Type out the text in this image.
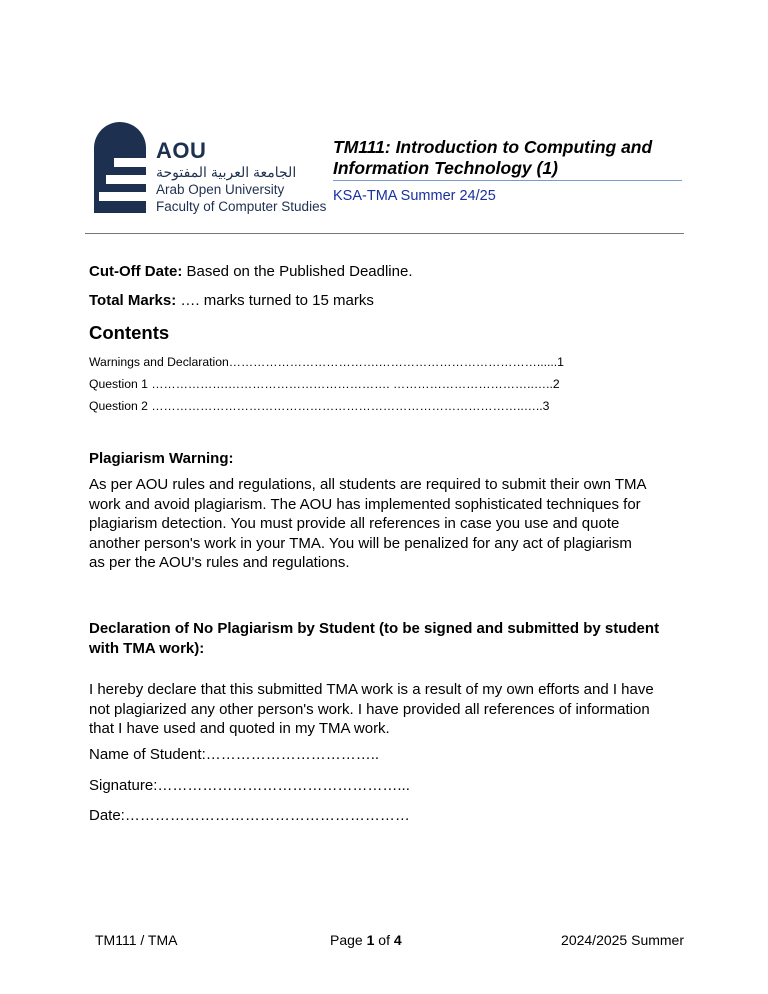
AOU
الجامعة العربية المفتوحة
Arab Open University
Faculty of Computer Studies
TM111: Introduction to Computing and Information Technology (1)
KSA-TMA Summer 24/25
Cut-Off Date: Based on the Published Deadline.
Total Marks: …. marks turned to 15 marks
Contents
Warnings and Declaration……………………………….…………………………………......1
Question 1 ……………….…………………………………. ……………………………..…..2
Question 2 ………………………………………………………………………………..…..3
Plagiarism Warning:
As per AOU rules and regulations, all students are required to submit their own TMA work and avoid plagiarism. The AOU has implemented sophisticated techniques for plagiarism detection. You must provide all references in case you use and quote another person's work in your TMA. You will be penalized for any act of plagiarism as per the AOU's rules and regulations.
Declaration of No Plagiarism by Student (to be signed and submitted by student with TMA work):
I hereby declare that this submitted TMA work is a result of my own efforts and I have not plagiarized any other person's work. I have provided all references of information that I have used and quoted in my TMA work.
Name of Student:……………………………..
Signature:…………………………………………...
Date:…………………………………………………
TM111 / TMA	Page 1 of 4	2024/2025 Summer
